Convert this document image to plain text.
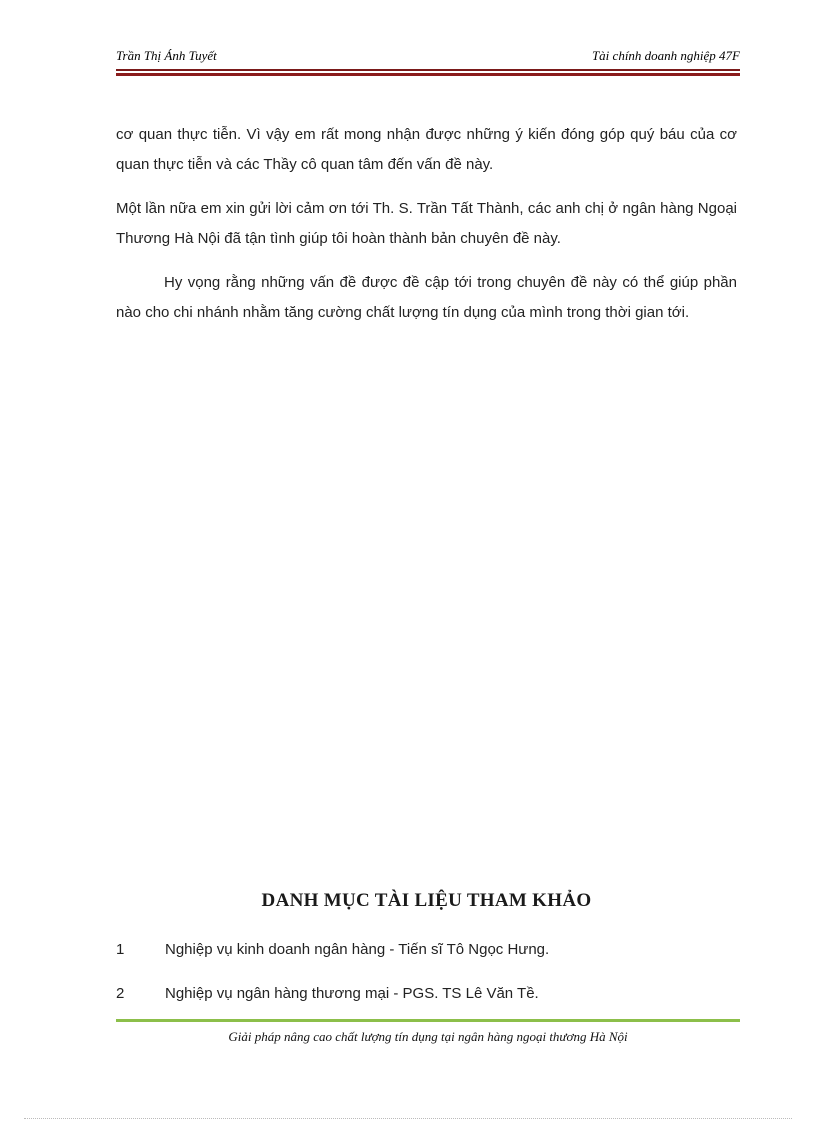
Trần Thị Ánh Tuyết	Tài chính doanh nghiệp 47F

cơ quan thực tiễn. Vì vậy em rất mong nhận được những ý kiến đóng góp quý báu của cơ quan thực tiễn và các Thầy cô quan tâm đến vấn đề này.

Một lần nữa em xin gửi lời cảm ơn tới Th. S. Trần Tất Thành, các anh chị ở ngân hàng Ngoại Thương Hà Nội đã tận tình giúp tôi hoàn thành bản chuyên đề này.

Hy vọng rằng những vấn đề được đề cập tới trong chuyên đề này có thể giúp phần nào cho chi nhánh nhằm tăng cường chất lượng tín dụng của mình trong thời gian tới.

DANH MỤC TÀI LIỆU THAM KHẢO
1	Nghiệp vụ kinh doanh ngân hàng - Tiến sĩ Tô Ngọc Hưng.
2	Nghiệp vụ ngân hàng thương mại - PGS. TS Lê Văn Tề.
Giải pháp nâng cao chất lượng tín dụng tại ngân hàng ngoại thương Hà Nội
